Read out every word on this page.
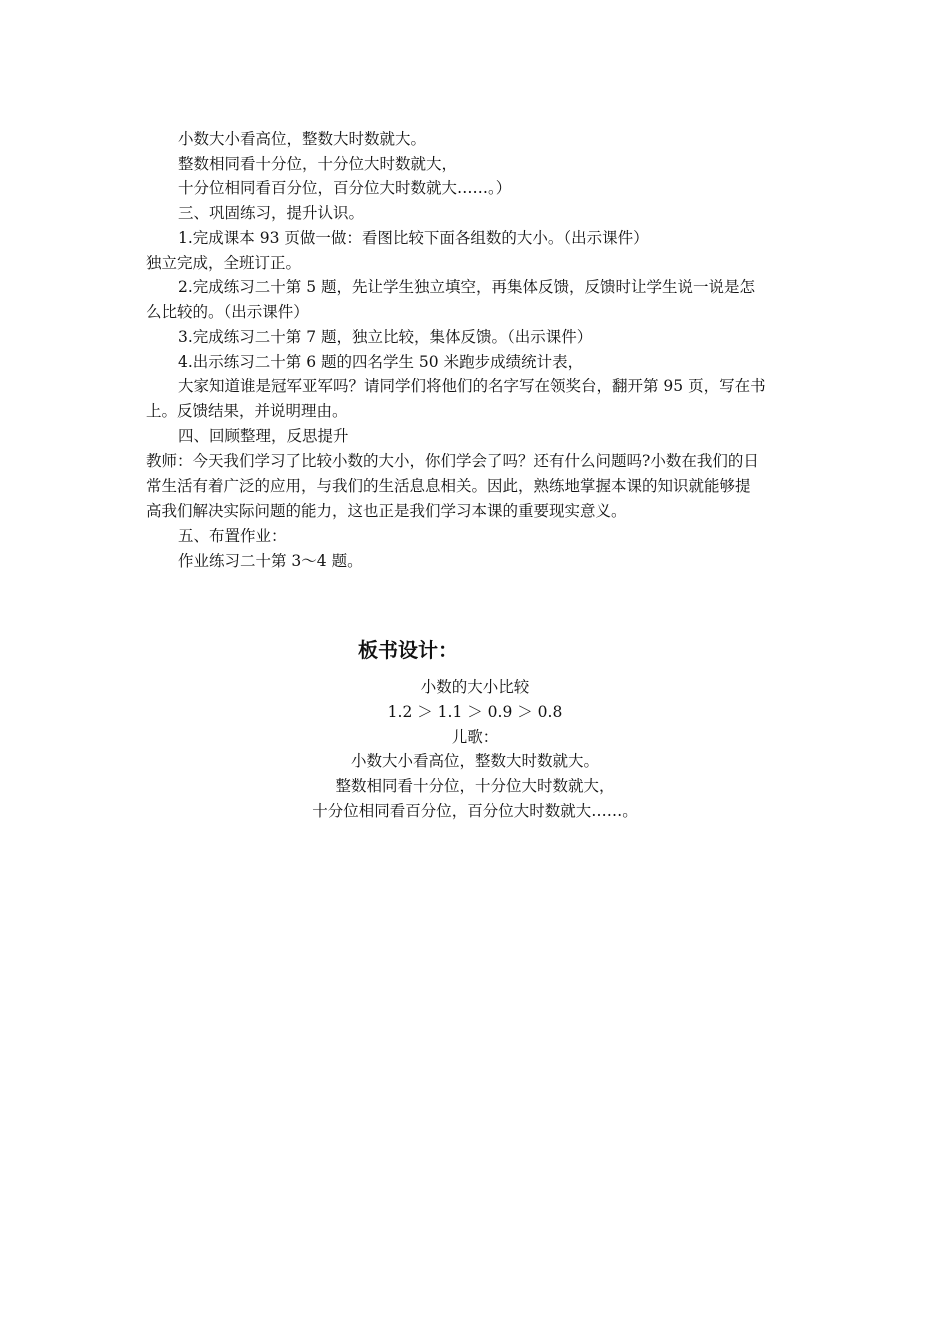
小数大小看高位，整数大时数就大。
整数相同看十分位，十分位大时数就大，
十分位相同看百分位，百分位大时数就大……。）
三、巩固练习，提升认识。
1.完成课本 93 页做一做：看图比较下面各组数的大小。（出示课件）
独立完成，全班订正。
2.完成练习二十第 5 题，先让学生独立填空，再集体反馈，反馈时让学生说一说是怎
么比较的。（出示课件）
3.完成练习二十第 7 题，独立比较，集体反馈。（出示课件）
4.出示练习二十第 6 题的四名学生 50 米跑步成绩统计表，
大家知道谁是冠军亚军吗？请同学们将他们的名字写在领奖台，翻开第 95 页，写在书
上。反馈结果，并说明理由。
四、回顾整理，反思提升
教师：今天我们学习了比较小数的大小，你们学会了吗？还有什么问题吗?小数在我们的日
常生活有着广泛的应用，与我们的生活息息相关。因此，熟练地掌握本课的知识就能够提
高我们解决实际问题的能力，这也正是我们学习本课的重要现实意义。
五、布置作业：
作业练习二十第 3～4 题。
板书设计：
小数的大小比较
1.2 ＞ 1.1 ＞ 0.9 ＞ 0.8
儿歌：
小数大小看高位，整数大时数就大。
整数相同看十分位，十分位大时数就大，
十分位相同看百分位，百分位大时数就大……。
